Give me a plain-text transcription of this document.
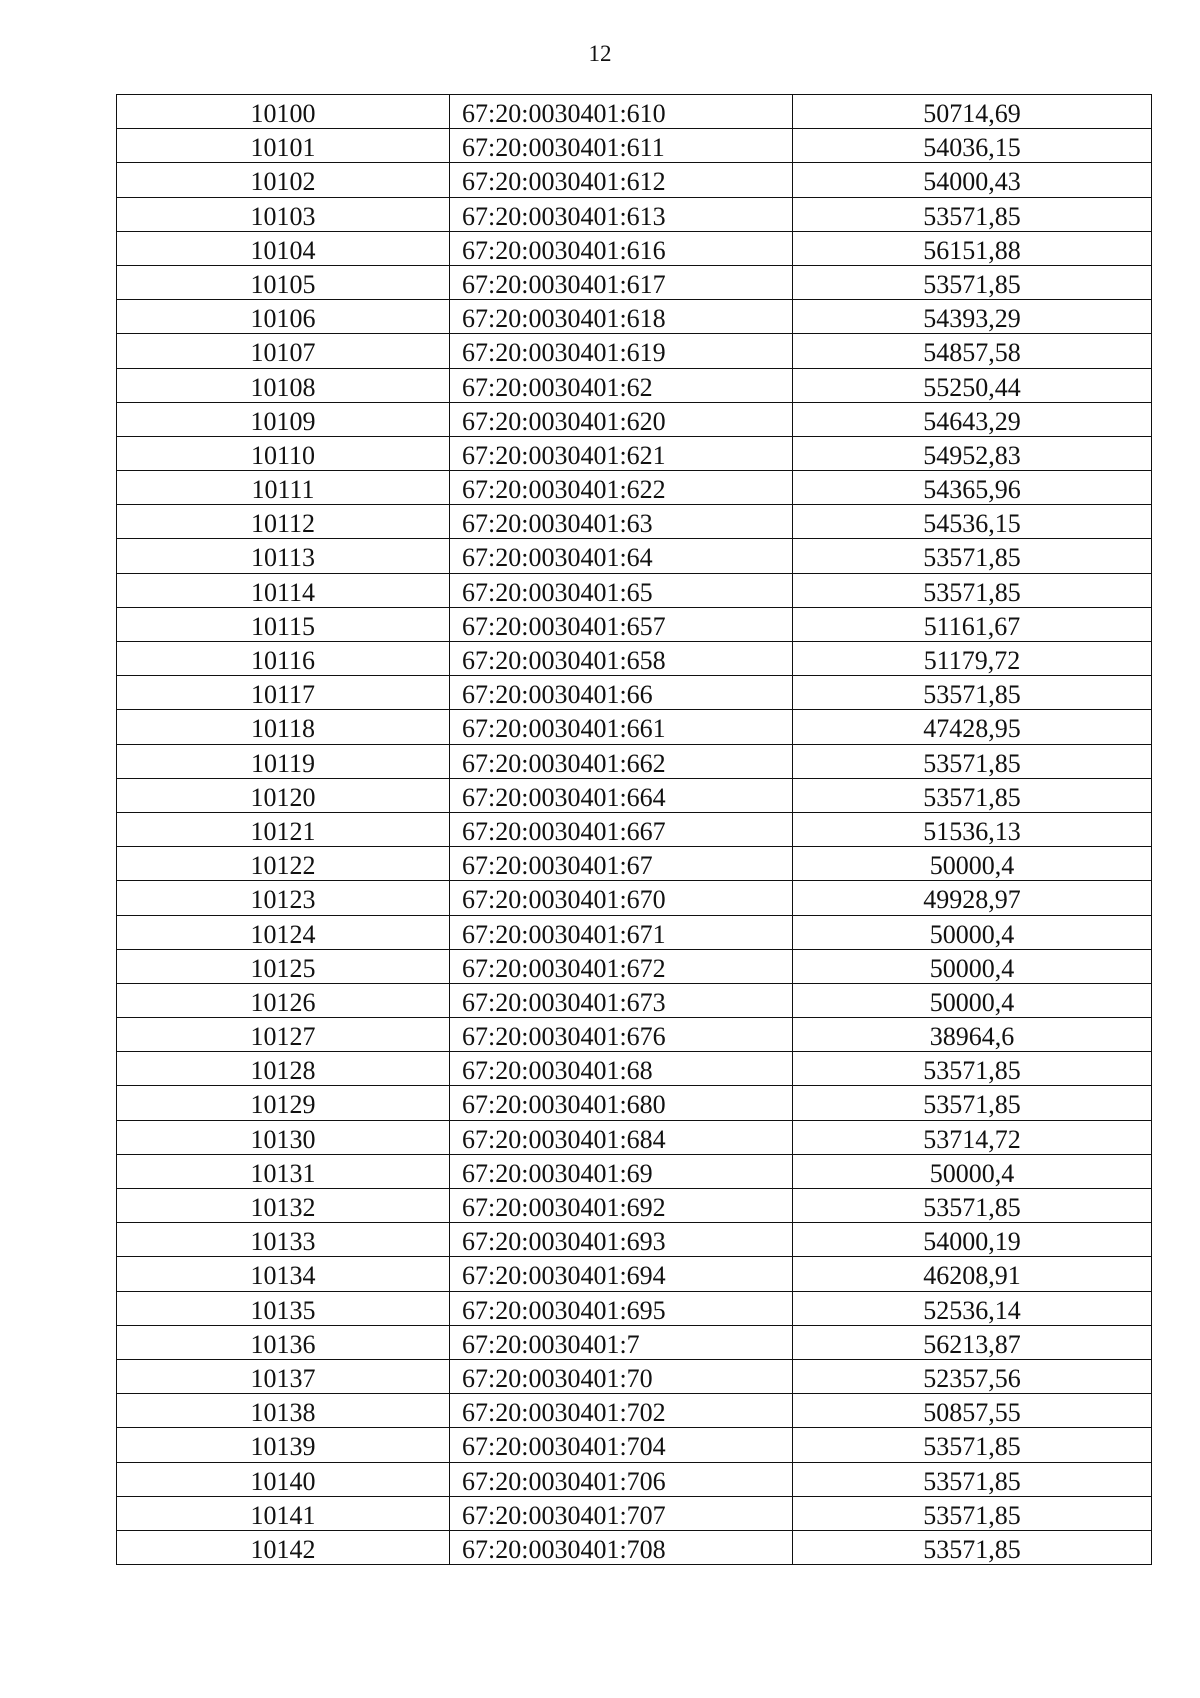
12
10100	67:20:0030401:610	50714,69
10101	67:20:0030401:611	54036,15
10102	67:20:0030401:612	54000,43
10103	67:20:0030401:613	53571,85
10104	67:20:0030401:616	56151,88
10105	67:20:0030401:617	53571,85
10106	67:20:0030401:618	54393,29
10107	67:20:0030401:619	54857,58
10108	67:20:0030401:62	55250,44
10109	67:20:0030401:620	54643,29
10110	67:20:0030401:621	54952,83
10111	67:20:0030401:622	54365,96
10112	67:20:0030401:63	54536,15
10113	67:20:0030401:64	53571,85
10114	67:20:0030401:65	53571,85
10115	67:20:0030401:657	51161,67
10116	67:20:0030401:658	51179,72
10117	67:20:0030401:66	53571,85
10118	67:20:0030401:661	47428,95
10119	67:20:0030401:662	53571,85
10120	67:20:0030401:664	53571,85
10121	67:20:0030401:667	51536,13
10122	67:20:0030401:67	50000,4
10123	67:20:0030401:670	49928,97
10124	67:20:0030401:671	50000,4
10125	67:20:0030401:672	50000,4
10126	67:20:0030401:673	50000,4
10127	67:20:0030401:676	38964,6
10128	67:20:0030401:68	53571,85
10129	67:20:0030401:680	53571,85
10130	67:20:0030401:684	53714,72
10131	67:20:0030401:69	50000,4
10132	67:20:0030401:692	53571,85
10133	67:20:0030401:693	54000,19
10134	67:20:0030401:694	46208,91
10135	67:20:0030401:695	52536,14
10136	67:20:0030401:7	56213,87
10137	67:20:0030401:70	52357,56
10138	67:20:0030401:702	50857,55
10139	67:20:0030401:704	53571,85
10140	67:20:0030401:706	53571,85
10141	67:20:0030401:707	53571,85
10142	67:20:0030401:708	53571,85
